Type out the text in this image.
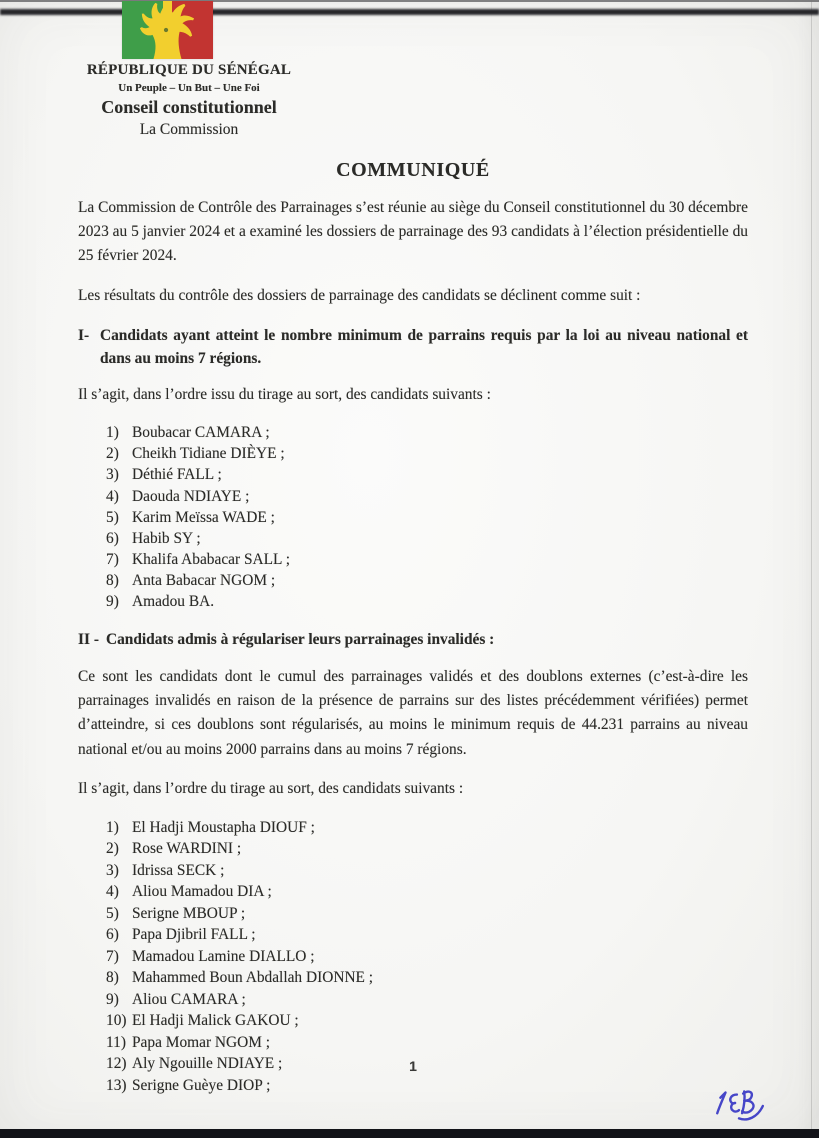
RÉPUBLIQUE DU SÉNÉGAL
Un Peuple – Un But – Une Foi
Conseil constitutionnel
La Commission
COMMUNIQUÉ

La Commission de Contrôle des Parrainages s’est réunie au siège du Conseil constitutionnel du 30 décembre 2023 au 5 janvier 2024 et a examiné les dossiers de parrainage des 93 candidats à l’élection présidentielle du 25 février 2024.

Les résultats du contrôle des dossiers de parrainage des candidats se déclinent comme suit :

I- Candidats ayant atteint le nombre minimum de parrains requis par la loi au niveau national et dans au moins 7 régions.

Il s’agit, dans l’ordre issu du tirage au sort, des candidats suivants :

1) Boubacar CAMARA ;
2) Cheikh Tidiane DIÈYE ;
3) Déthié FALL ;
4) Daouda NDIAYE ;
5) Karim Meïssa WADE ;
6) Habib SY ;
7) Khalifa Ababacar SALL ;
8) Anta Babacar NGOM ;
9) Amadou BA.
II - Candidats admis à régulariser leurs parrainages invalidés :

Ce sont les candidats dont le cumul des parrainages validés et des doublons externes (c’est-à-dire les parrainages invalidés en raison de la présence de parrains sur des listes précédemment vérifiées) permet d’atteindre, si ces doublons sont régularisés, au moins le minimum requis de 44.231 parrains au niveau national et/ou au moins 2000 parrains dans au moins 7 régions.

Il s’agit, dans l’ordre du tirage au sort, des candidats suivants :

1) El Hadji Moustapha DIOUF ;
2) Rose WARDINI ;
3) Idrissa SECK ;
4) Aliou Mamadou DIA ;
5) Serigne MBOUP ;
6) Papa Djibril FALL ;
7) Mamadou Lamine DIALLO ;
8) Mahammed Boun Abdallah DIONNE ;
9) Aliou CAMARA ;
10) El Hadji Malick GAKOU ;
11) Papa Momar NGOM ;
12) Aly Ngouille NDIAYE ;
13) Serigne Guèye DIOP ;
1
